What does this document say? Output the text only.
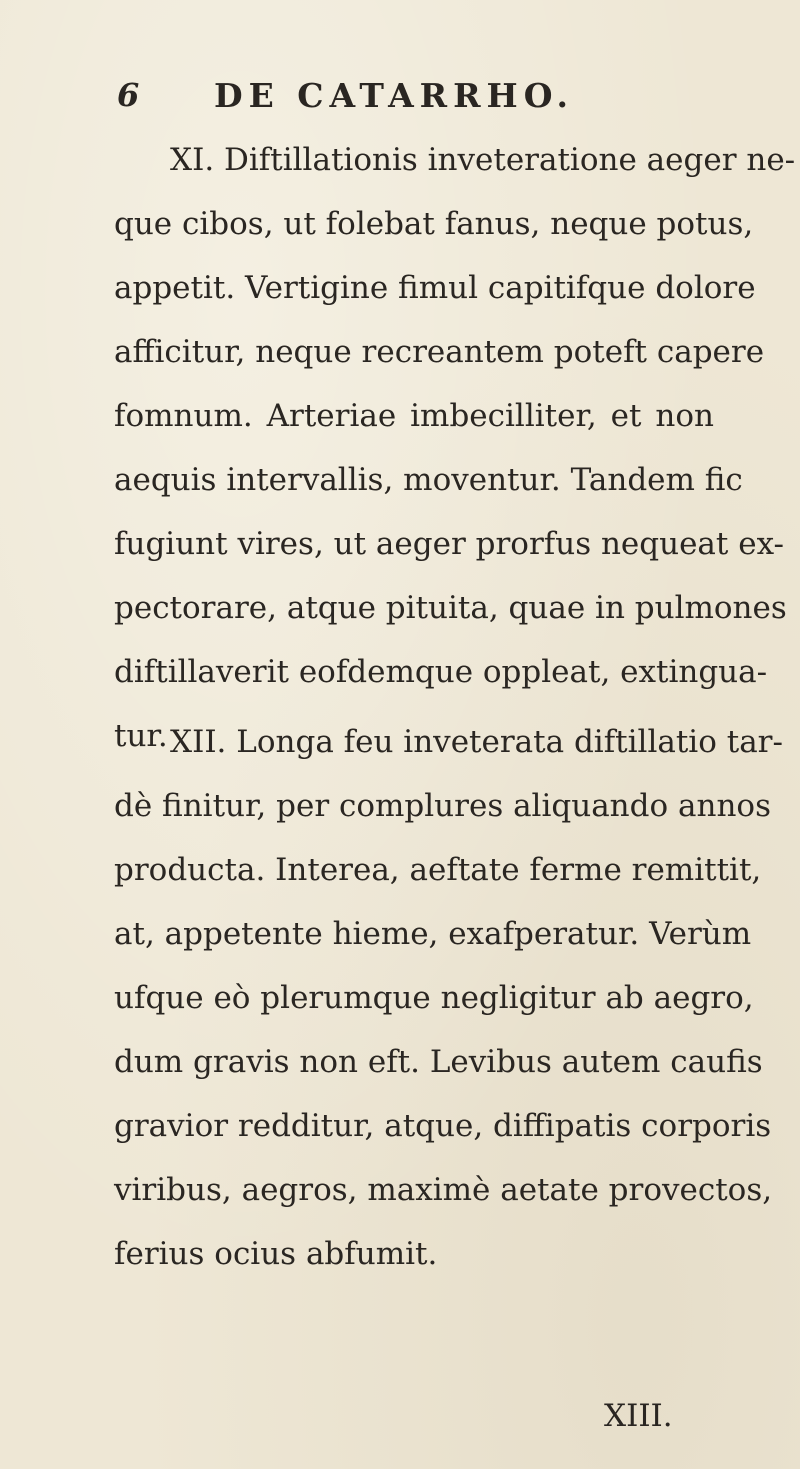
6 DE CATARRHO.
XI. Diftillationis inveteratione aeger ne-
que cibos, ut folebat fanus, neque potus,
appetit. Vertigine fimul capitifque dolore
afficitur, neque recreantem poteft capere
fomnum. Arteriae imbecilliter, et non
aequis intervallis, moventur. Tandem fic
fugiunt vires, ut aeger prorfus nequeat ex-
pectorare, atque pituita, quae in pulmones
diftillaverit eofdemque oppleat, extingua-
tur. XII. Longa feu inveterata diftillatio tar-
dè finitur, per complures aliquando annos
producta. Interea, aeftate ferme remittit,
at, appetente hieme, exafperatur. Verùm
ufque eò plerumque negligitur ab aegro,
dum gravis non eft. Levibus autem caufis
gravior redditur, atque, diffipatis corporis
viribus, aegros, maximè aetate provectos,
ferius ocius abfumit.
XIII.
